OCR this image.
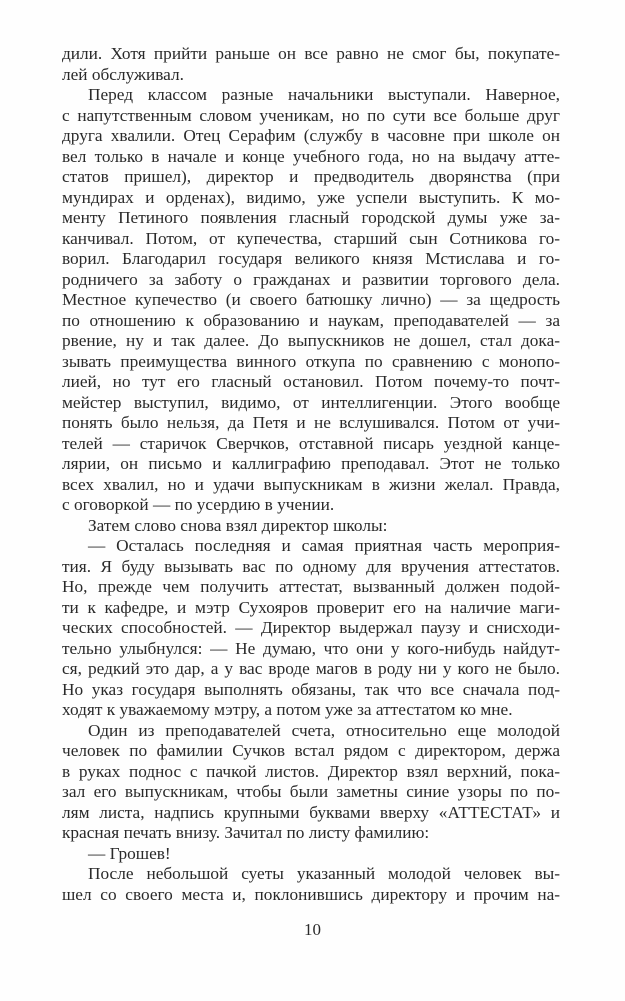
дили. Хотя прийти раньше он все равно не смог бы, покупате-
лей обслуживал.
Перед классом разные начальники выступали. Наверное,
с напутственным словом ученикам, но по сути все больше друг
друга хвалили. Отец Серафим (службу в часовне при школе он
вел только в начале и конце учебного года, но на выдачу атте-
статов пришел), директор и предводитель дворянства (при
мундирах и орденах), видимо, уже успели выступить. К мо-
менту Петиного появления гласный городской думы уже за-
канчивал. Потом, от купечества, старший сын Сотникова го-
ворил. Благодарил государя великого князя Мстислава и го-
родничего за заботу о гражданах и развитии торгового дела.
Местное купечество (и своего батюшку лично) — за щедрость
по отношению к образованию и наукам, преподавателей — за
рвение, ну и так далее. До выпускников не дошел, стал дока-
зывать преимущества винного откупа по сравнению с монопо-
лией, но тут его гласный остановил. Потом почему-то почт-
мейстер выступил, видимо, от интеллигенции. Этого вообще
понять было нельзя, да Петя и не вслушивался. Потом от учи-
телей — старичок Сверчков, отставной писарь уездной канце-
лярии, он письмо и каллиграфию преподавал. Этот не только
всех хвалил, но и удачи выпускникам в жизни желал. Правда,
с оговоркой — по усердию в учении.
Затем слово снова взял директор школы:
— Осталась последняя и самая приятная часть мероприя-
тия. Я буду вызывать вас по одному для вручения аттестатов.
Но, прежде чем получить аттестат, вызванный должен подой-
ти к кафедре, и мэтр Сухояров проверит его на наличие маги-
ческих способностей. — Директор выдержал паузу и снисходи-
тельно улыбнулся: — Не думаю, что они у кого-нибудь найдут-
ся, редкий это дар, а у вас вроде магов в роду ни у кого не было.
Но указ государя выполнять обязаны, так что все сначала под-
ходят к уважаемому мэтру, а потом уже за аттестатом ко мне.
Один из преподавателей счета, относительно еще молодой
человек по фамилии Сучков встал рядом с директором, держа
в руках поднос с пачкой листов. Директор взял верхний, пока-
зал его выпускникам, чтобы были заметны синие узоры по по-
лям листа, надпись крупными буквами вверху «АТТЕСТАТ» и
красная печать внизу. Зачитал по листу фамилию:
— Грошев!
После небольшой суеты указанный молодой человек вы-
шел со своего места и, поклонившись директору и прочим на-
10
